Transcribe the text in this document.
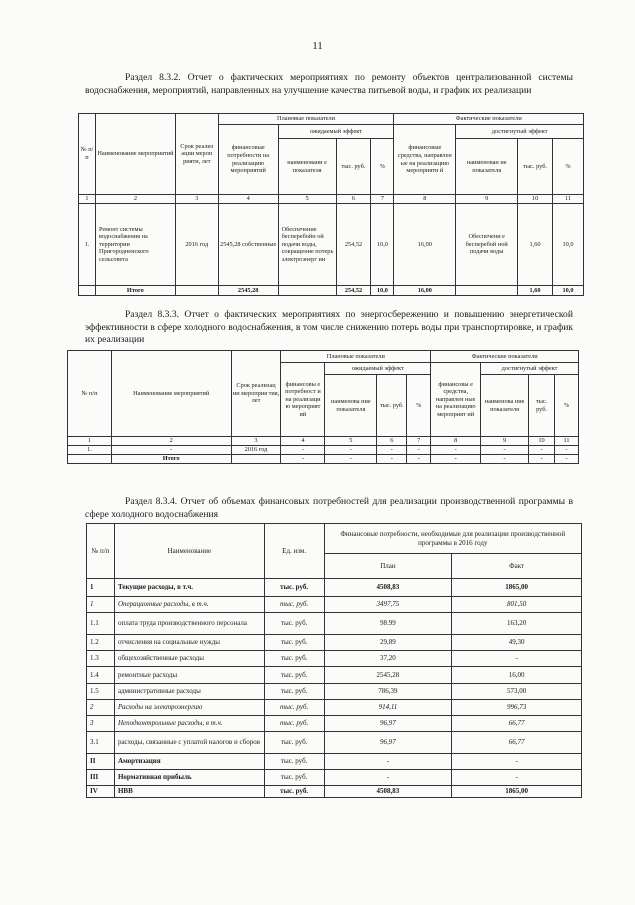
11
Раздел 8.3.2. Отчет о фактических мероприятиях по ремонту объектов централизованной системы водоснабжения, мероприятий, направленных на улучшение качества питьевой воды, и график их реализации
№ п/ п	Наименование мероприятий	Срок реализ ации мероп рияти, лет	Плановые показатели				Фактические показатели			
			финансовые потребности на реализацию мероприятий	ожидаемый эффект			финансовые средства, направлен ые на реализацию мероприяти й	достигнутый эффект		
				наименовани е показателя	тыс. руб.	%		наименован ие показателя	тыс. руб.	%
1	2	3	4	5	6	7	8	9	10	11
1.	Ремонт системы водоснабжения на территории Пригородненского сельсовета	2016 год	2545,28 собственные	Обеспечение бесперебойн ой подачи воды, сокращение потерь электроэнерг ии	254,52	10,0	16,00	Обеспечени е бесперебой ной подачи воды	1,60	10,0
	Итого		2545,28		254,52	10,0	16,00		1,60	10,0
Раздел 8.3.3. Отчет о фактических мероприятиях по энергосбережению и повышению энергетической эффективности в сфере холодного водоснабжения, в том числе снижению потерь воды при транспортировке, и график их реализации
№ п/п	Наименование мероприятий	Срок реализац ии мероприя тия, лет	Плановые показатели				Фактические показатели			
			финансовы е потребност и на реализаци ю мероприят ий	ожидаемый эффект			финансовы е средства, направлен ные на реализацию мероприят ий	достигнутый эффект		
				наименова ние показателя	тыс. руб.	%		наименова ние показателя	тыс. руб.	%
1	2	3	4	5	6	7	8	9	10	11
1.	-	2016 год	-	-	-	-	-	-	-	-
	Итого		-	-	-	-	-	-	-	-
Раздел 8.3.4. Отчет об объемах финансовых потребностей для реализации производственной программы в сфере холодного водоснабжения
№ п/п	Наименование	Ед. изм.	Финансовые потребности, необходимые для реализации производственной программы в 2016 году	
			План	Факт
1	Текущие расходы, в т.ч.	тыс. руб.	4508,83	1865,00
1	Операционные расходы, в т.ч.	тыс. руб.	3497,75	801,50
1.1	оплата труда производственного персонала	тыс. руб.	98.99	163,20
1.2	отчисления на социальные нужды	тыс. руб.	29,89	49,30
1.3	общехозяйственные расходы	тыс. руб.	37,20	-
1.4	ремонтные расходы	тыс. руб.	2545,28	16,00
1.5	административные расходы	тыс. руб.	786,39	573,00
2	Расходы на электроэнергию	тыс. руб.	914,11	996,73
3	Неподконтрольные расходы, в т.ч.	тыс. руб.	96,97	66,77
3.1	расходы, связанные с уплатой налогов и сборов	тыс. руб.	96,97	66,77
II	Амортизация	тыс. руб.	-	-
III	Нормативная прибыль	тыс. руб.	-	-
IV	НВВ	тыс. руб.	4508,83	1865,00
